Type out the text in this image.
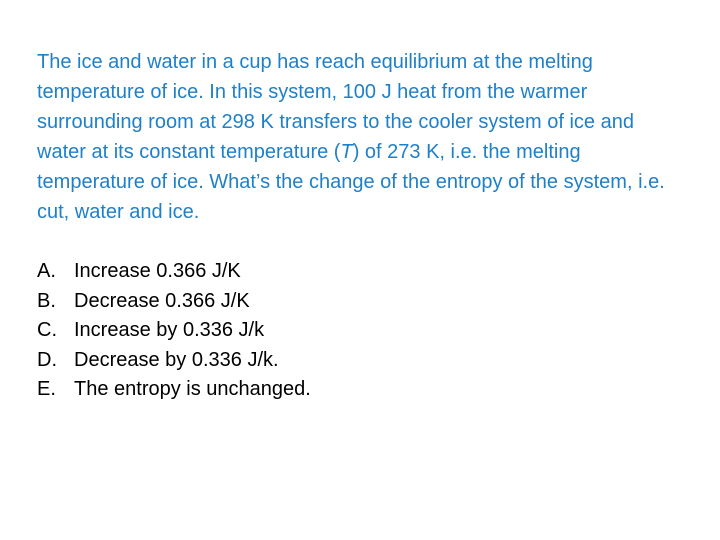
The ice and water in a cup has reach equilibrium at the melting temperature of ice. In this system, 100 J heat from the warmer surrounding room at 298 K transfers to the cooler system of ice and water at its constant temperature (T) of 273 K, i.e. the melting temperature of ice. What’s the change of the entropy of the system, i.e. cut, water and ice.

A. Increase 0.366 J/K
B. Decrease 0.366 J/K
C. Increase by 0.336 J/k
D. Decrease by 0.336 J/k.
E. The entropy is unchanged.
